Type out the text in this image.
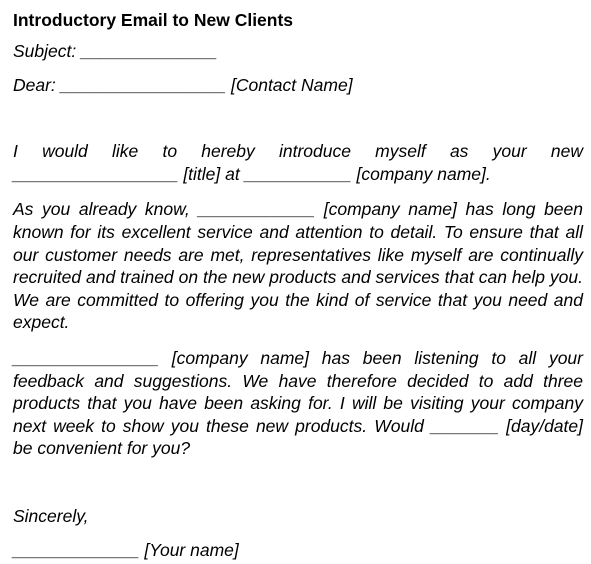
Introductory Email to New Clients

Subject: ______________

Dear: _________________ [Contact Name]

I would like to hereby introduce myself as your new

_________________ [title] at ___________ [company name].

As you already know, ____________ [company name] has long been known for its excellent service and attention to detail. To ensure that all our customer needs are met, representatives like myself are continually recruited and trained on the new products and services that can help you. We are committed to offering you the kind of service that you need and expect.

_______________ [company name] has been listening to all your feedback and suggestions. We have therefore decided to add three products that you have been asking for. I will be visiting your company next week to show you these new products. Would _______ [day/date] be convenient for you?

Sincerely,

_____________ [Your name]
